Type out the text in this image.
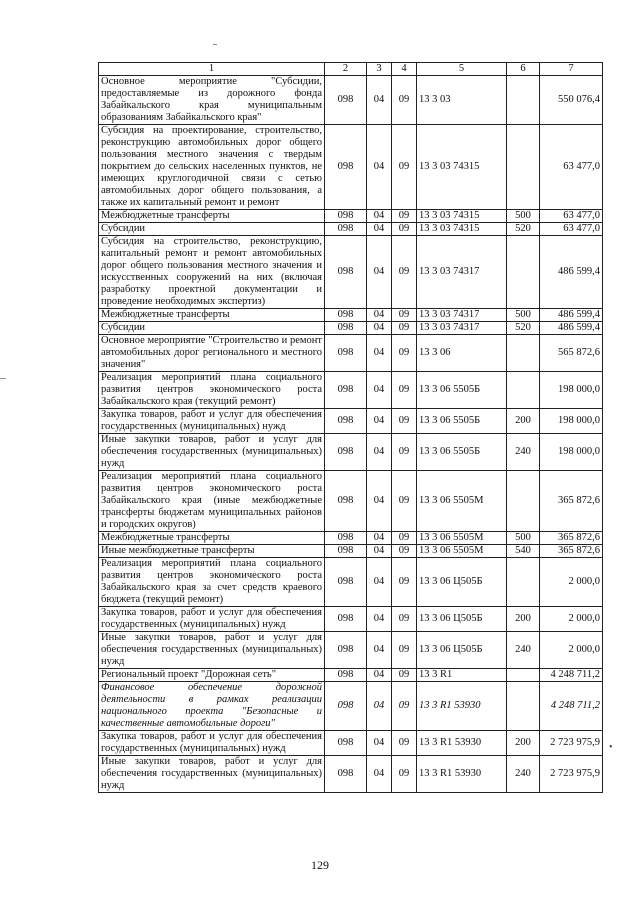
•
1	2	3	4	5	6	7
Основное мероприятие "Субсидии, предоставляемые из дорожного фонда Забайкальского края муниципальным образованиям Забайкальского края"	098	04	09	13 3 03		550 076,4
Субсидия на проектирование, строительство, реконструкцию автомобильных дорог общего пользования местного значения с твердым покрытием до сельских населенных пунктов, не имеющих круглогодичной связи с сетью автомобильных дорог общего пользования, а также их капитальный ремонт и ремонт	098	04	09	13 3 03 74315		63 477,0
Межбюджетные трансферты	098	04	09	13 3 03 74315	500	63 477,0
Субсидии	098	04	09	13 3 03 74315	520	63 477,0
Субсидия на строительство, реконструкцию, капитальный ремонт и ремонт автомобильных дорог общего пользования местного значения и искусственных сооружений на них (включая разработку проектной документации и проведение необходимых экспертиз)	098	04	09	13 3 03 74317		486 599,4
Межбюджетные трансферты	098	04	09	13 3 03 74317	500	486 599,4
Субсидии	098	04	09	13 3 03 74317	520	486 599,4
Основное мероприятие "Строительство и ремонт автомобильных дорог регионального и местного значения"	098	04	09	13 3 06		565 872,6
Реализация мероприятий плана социального развития центров экономического роста Забайкальского края (текущий ремонт)	098	04	09	13 3 06 5505Б		198 000,0
Закупка товаров, работ и услуг для обеспечения государственных (муниципальных) нужд	098	04	09	13 3 06 5505Б	200	198 000,0
Иные закупки товаров, работ и услуг для обеспечения государственных (муниципальных) нужд	098	04	09	13 3 06 5505Б	240	198 000,0
Реализация мероприятий плана социального развития центров экономического роста Забайкальского края (иные межбюджетные трансферты бюджетам муниципальных районов и городских округов)	098	04	09	13 3 06 5505М		365 872,6
Межбюджетные трансферты	098	04	09	13 3 06 5505М	500	365 872,6
Иные межбюджетные трансферты	098	04	09	13 3 06 5505М	540	365 872,6
Реализация мероприятий плана социального развития центров экономического роста Забайкальского края за счет средств краевого бюджета (текущий ремонт)	098	04	09	13 3 06 Ц505Б		2 000,0
Закупка товаров, работ и услуг для обеспечения государственных (муниципальных) нужд	098	04	09	13 3 06 Ц505Б	200	2 000,0
Иные закупки товаров, работ и услуг для обеспечения государственных (муниципальных) нужд	098	04	09	13 3 06 Ц505Б	240	2 000,0
Региональный проект "Дорожная сеть"	098	04	09	13 3 R1		4 248 711,2
Финансовое обеспечение дорожной деятельности в рамках реализации национального проекта "Безопасные и качественные автомобильные дороги"	098	04	09	13 3 R1 53930		4 248 711,2
Закупка товаров, работ и услуг для обеспечения государственных (муниципальных) нужд	098	04	09	13 3 R1 53930	200	2 723 975,9
Иные закупки товаров, работ и услуг для обеспечения государственных (муниципальных) нужд	098	04	09	13 3 R1 53930	240	2 723 975,9
129
